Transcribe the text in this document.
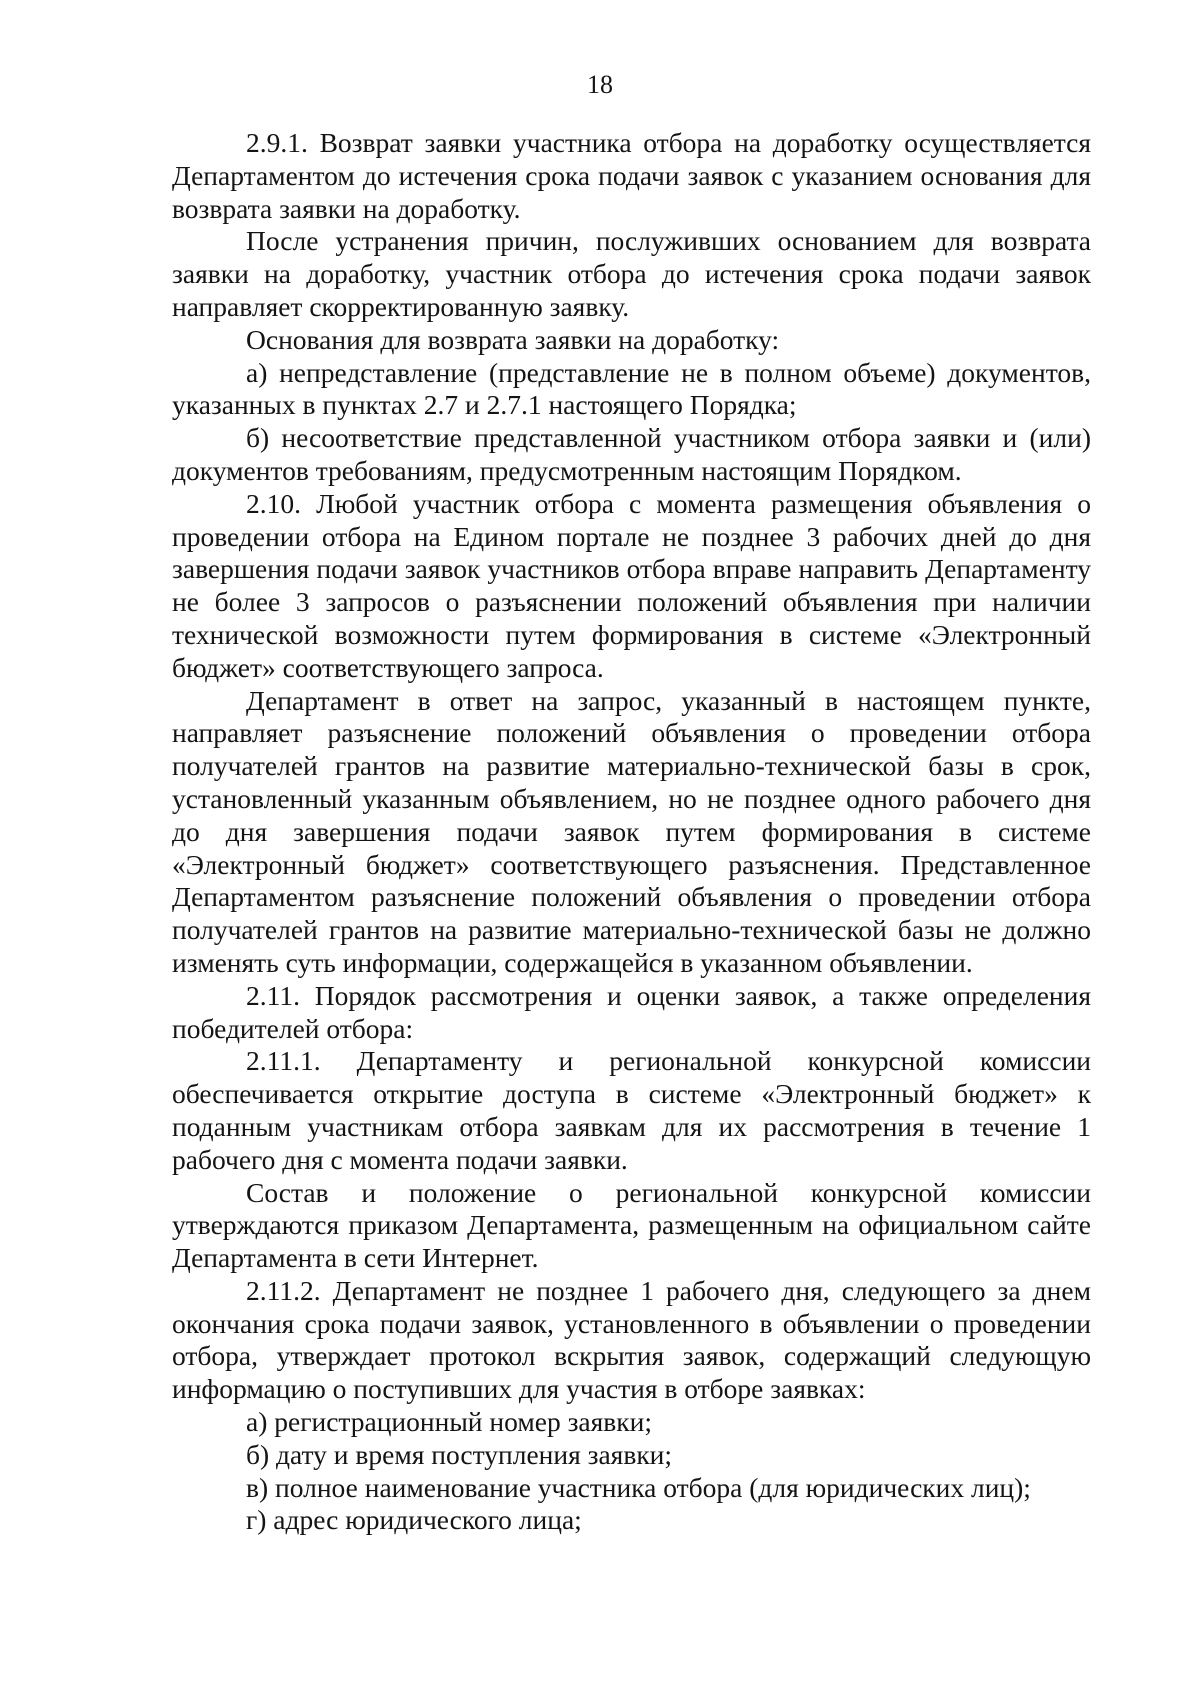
18

2.9.1. Возврат заявки участника отбора на доработку осуществляется Департаментом до истечения срока подачи заявок с указанием основания для возврата заявки на доработку.

После устранения причин, послуживших основанием для возврата заявки на доработку, участник отбора до истечения срока подачи заявок направляет скорректированную заявку.

Основания для возврата заявки на доработку:

а) непредставление (представление не в полном объеме) документов, указанных в пунктах 2.7 и 2.7.1 настоящего Порядка;

б) несоответствие представленной участником отбора заявки и (или) документов требованиям, предусмотренным настоящим Порядком.

2.10. Любой участник отбора с момента размещения объявления о проведении отбора на Едином портале не позднее 3 рабочих дней до дня завершения подачи заявок участников отбора вправе направить Департаменту не более 3 запросов о разъяснении положений объявления при наличии технической возможности путем формирования в системе «Электронный бюджет» соответствующего запроса.

Департамент в ответ на запрос, указанный в настоящем пункте, направляет разъяснение положений объявления о проведении отбора получателей грантов на развитие материально-технической базы в срок, установленный указанным объявлением, но не позднее одного рабочего дня до дня завершения подачи заявок путем формирования в системе «Электронный бюджет» соответствующего разъяснения. Представленное Департаментом разъяснение положений объявления о проведении отбора получателей грантов на развитие материально-технической базы не должно изменять суть информации, содержащейся в указанном объявлении.

2.11. Порядок рассмотрения и оценки заявок, а также определения победителей отбора:

2.11.1. Департаменту и региональной конкурсной комиссии обеспечивается открытие доступа в системе «Электронный бюджет» к поданным участникам отбора заявкам для их рассмотрения в течение 1 рабочего дня с момента подачи заявки.

Состав и положение о региональной конкурсной комиссии утверждаются приказом Департамента, размещенным на официальном сайте Департамента в сети Интернет.

2.11.2. Департамент не позднее 1 рабочего дня, следующего за днем окончания срока подачи заявок, установленного в объявлении о проведении отбора, утверждает протокол вскрытия заявок, содержащий следующую информацию о поступивших для участия в отборе заявках:

а) регистрационный номер заявки;

б) дату и время поступления заявки;

в) полное наименование участника отбора (для юридических лиц);

г) адрес юридического лица;
